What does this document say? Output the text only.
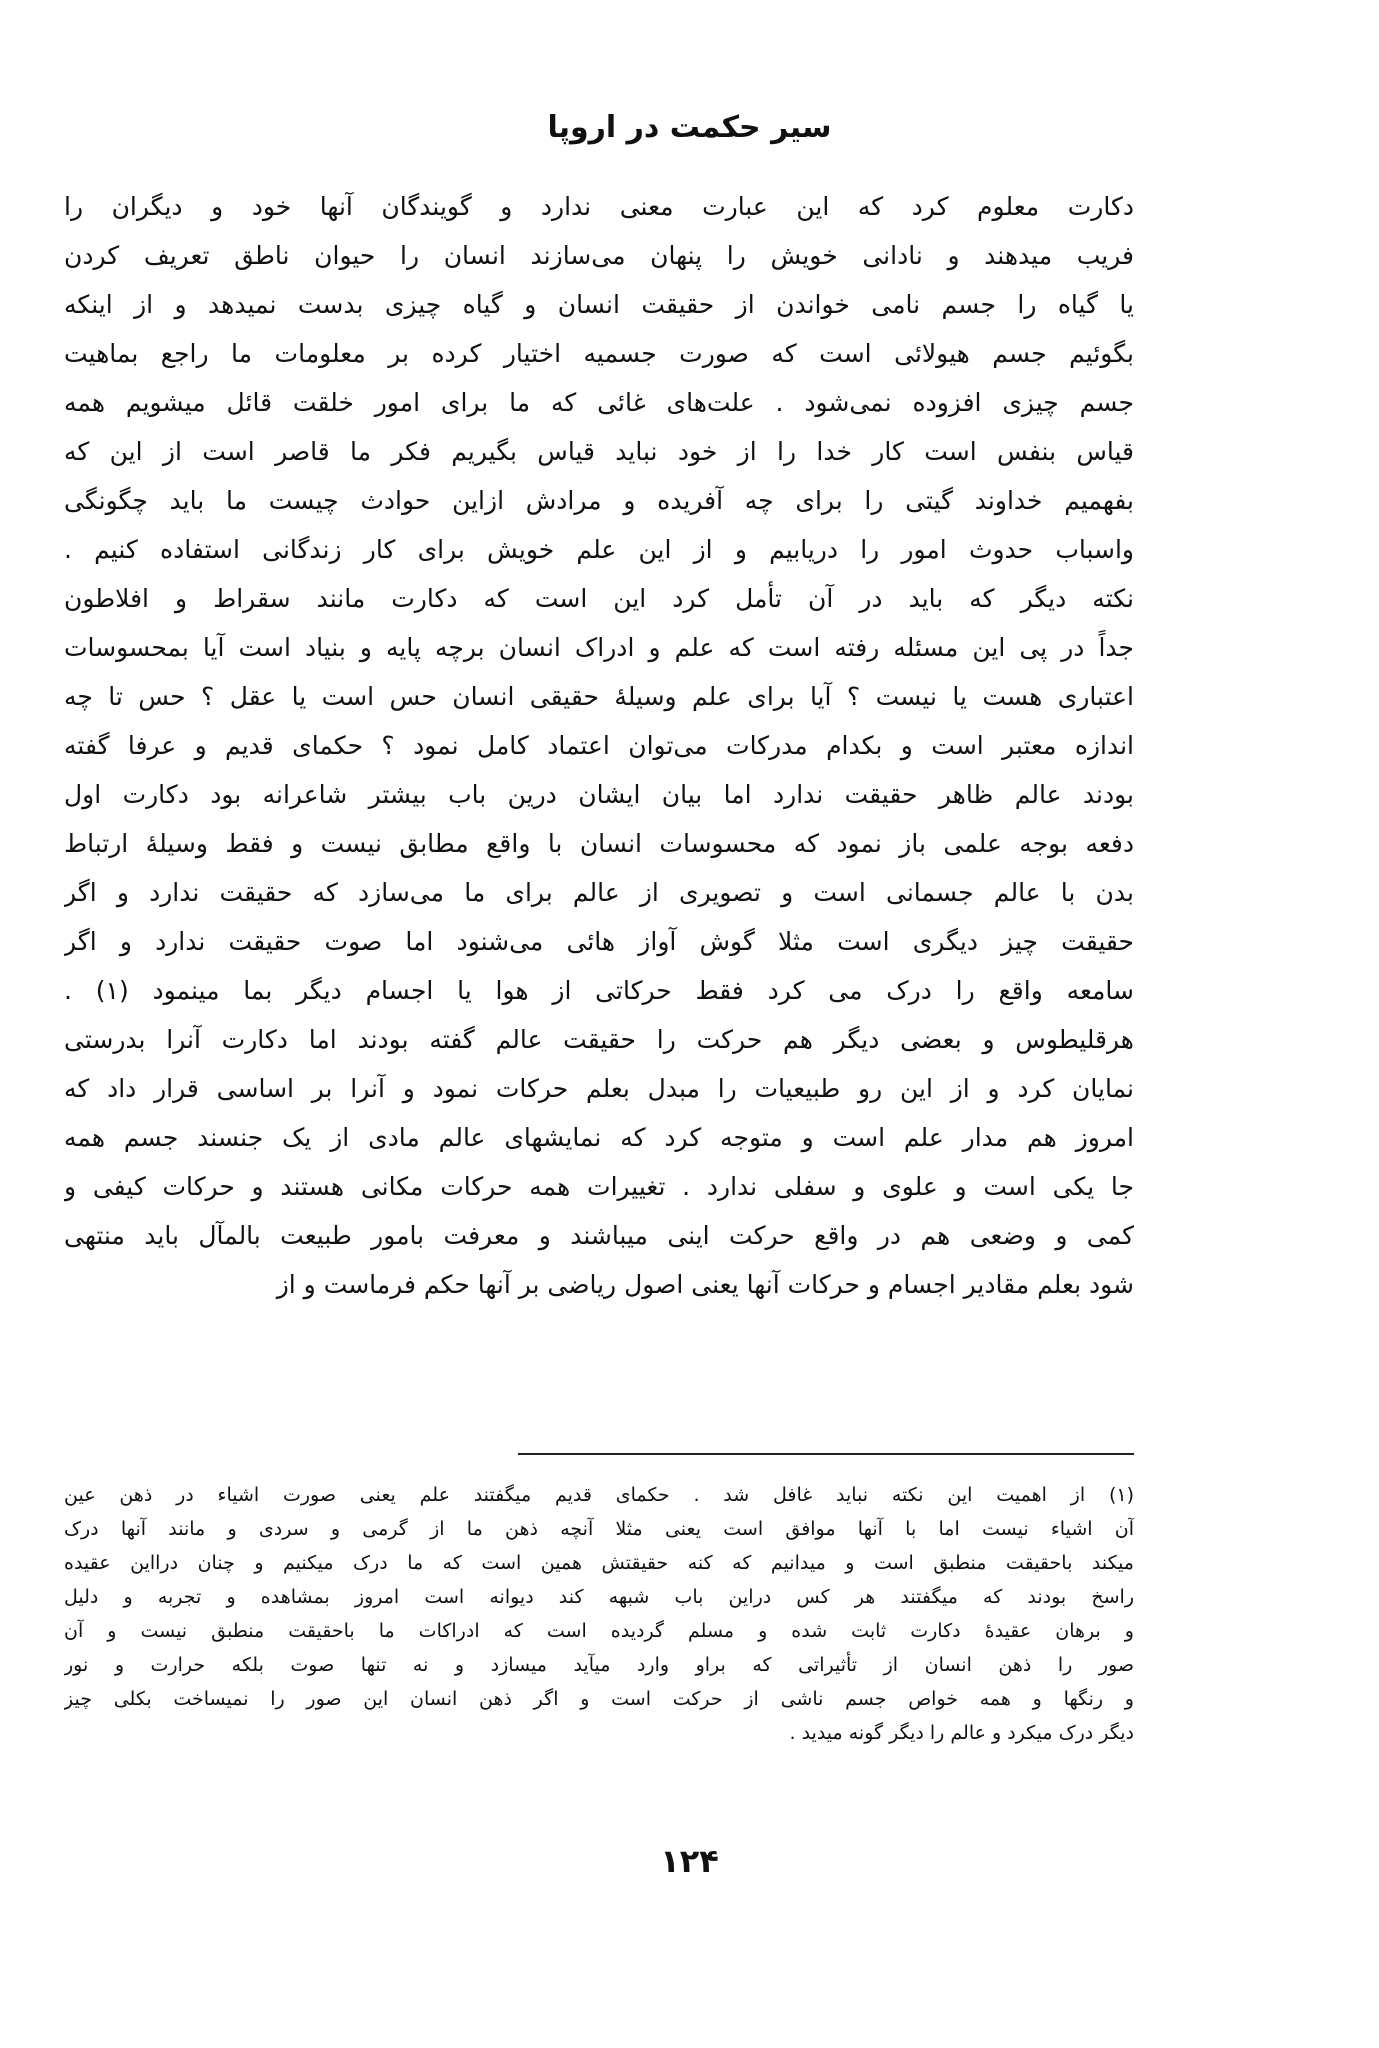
سیر حکمت در اروپا
دکارت معلوم کرد که این عبارت معنی ندارد و گویندگان آنها خود و دیگران را
فریب میدهند و نادانی خویش را پنهان می‌سازند انسان را حیوان ناطق تعریف کردن
یا گیاه را جسم نامی خواندن از حقیقت انسان و گیاه چیزی بدست نمیدهد و از اینکه
بگوئیم جسم هیولائی است که صورت جسمیه اختیار کرده بر معلومات ما راجع بماهیت
جسم چیزی افزوده نمی‌شود . علت‌های غائی که ما برای امور خلقت قائل میشویم همه
قیاس بنفس است کار خدا را از خود نباید قیاس بگیریم فکر ما قاصر است از این که
بفهمیم خداوند گیتی را برای چه آفریده و مرادش ازاین حوادث چیست ما باید چگونگی
واسباب حدوث امور را دریابیم و از این علم خویش برای کار زندگانی استفاده کنیم .
نکته دیگر که باید در آن تأمل کرد این است که دکارت مانند سقراط و افلاطون
جداً در پی این مسئله رفته است که علم و ادراک انسان برچه پایه و بنیاد است آیا بمحسوسات
اعتباری هست یا نیست ؟ آیا برای علم وسیلهٔ حقیقی انسان حس است یا عقل ؟ حس تا چه
اندازه معتبر است و بکدام مدرکات می‌توان اعتماد کامل نمود ؟ حکمای قدیم و عرفا گفته
بودند عالم ظاهر حقیقت ندارد اما بیان ایشان درین باب بیشتر شاعرانه بود دکارت اول
دفعه بوجه علمی باز نمود که محسوسات انسان با واقع مطابق نیست و فقط وسیلهٔ ارتباط
بدن با عالم جسمانی است و تصویری از عالم برای ما می‌سازد که حقیقت ندارد و اگر
حقیقت چیز دیگری است مثلا گوش آواز هائی می‌شنود اما صوت حقیقت ندارد و اگر
سامعه واقع را درک می کرد فقط حرکاتی از هوا یا اجسام دیگر بما مینمود (۱) .
هرقلیطوس و بعضی دیگر هم حرکت را حقیقت عالم گفته بودند اما دکارت آنرا بدرستی
نمایان کرد و از این رو طبیعیات را مبدل بعلم حرکات نمود و آنرا بر اساسی قرار داد که
امروز هم مدار علم است و متوجه کرد که نمایشهای عالم مادی از یک جنسند جسم همه
جا یکی است و علوی و سفلی ندارد . تغییرات همه حرکات مکانی هستند و حرکات کیفی و
کمی و وضعی هم در واقع حرکت اینی میباشند و معرفت بامور طبیعت بالمآل باید منتهی
شود بعلم مقادیر اجسام و حرکات آنها یعنی اصول ریاضی بر آنها حکم فرماست و از
(۱) از اهمیت این نکته نباید غافل شد . حکمای قدیم میگفتند علم یعنی صورت اشیاء در ذهن عین
آن اشیاء نیست اما با آنها موافق است یعنی مثلا آنچه ذهن ما از گرمی و سردی و مانند آنها درک
میکند باحقیقت منطبق است و میدانیم که کنه حقیقتش همین است که ما درک میکنیم و چنان درااین عقیده
راسخ بودند که میگفتند هر کس دراین باب شبهه کند دیوانه است امروز بمشاهده و تجربه و دلیل
و برهان عقیدهٔ دکارت ثابت شده و مسلم گردیده است که ادراکات ما باحقیقت منطبق نیست و آن
صور را ذهن انسان از تأثیراتی که براو وارد میآید میسازد و نه تنها صوت بلکه حرارت و نور
و رنگها و همه خواص جسم ناشی از حرکت است و اگر ذهن انسان این صور را نمیساخت بکلی چیز
دیگر درک میکرد و عالم را دیگر گونه میدید .
۱۲۴
